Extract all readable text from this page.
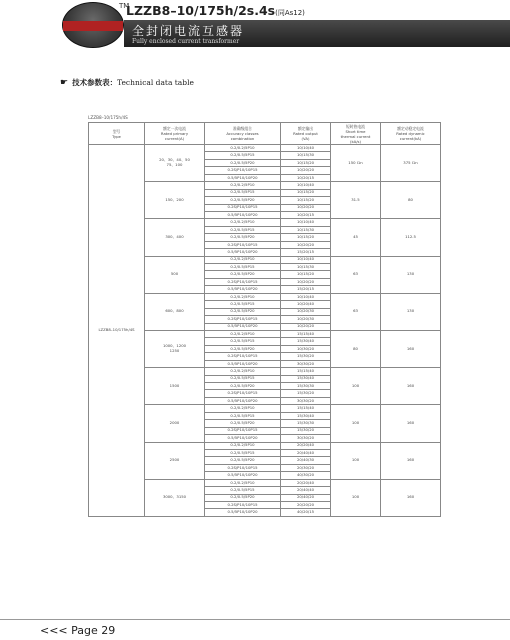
TM
LZZB8–10/175h/2s.4s(同As12)
全封闭电流互感器
Fully enclosed current transformer
☛ 技术参数表：Technical data table
LZZB8–10/175h/4S
型号
Type	额定一次电流
Rated primary
current(A)	准确级组合
Accuracy classes
combination	额定输出
Rated output
(VA)	短时热电流
Short time
thermal current
(kA/s)	额定动稳定电流
Rated dynamic
current(kA)
LZZB8–10/175h/4S	20、30、40、50
75、100	0.2/0.2/5P10	10/10/40	150 I1n	375 I1n
		0.2/0.5/5P15	10/15/30		
		0.2/0.5/5P20	10/15/20		
		0.2S/P10/10P15	10/20/20		
		0.5/5P10/10P20	10/20/15		
	150、200	0.2/0.2/5P10	10/10/40	31.5	80
		0.2/0.5/5P15	10/15/20		
		0.2/0.5/5P20	10/15/20		
		0.2S/P10/10P15	10/20/20		
		0.5/5P10/10P20	10/20/15		
	300、400	0.2/0.2/5P10	10/10/40	45	112.5
		0.2/0.5/5P15	10/15/30		
		0.2/0.5/5P20	10/15/20		
		0.2S/P10/10P15	10/20/20		
		0.5/5P10/10P20	15/20/15		
	500	0.2/0.2/5P10	10/10/40	63	130
		0.2/0.5/5P15	10/15/30		
		0.2/0.5/5P20	10/15/20		
		0.2S/P10/10P15	10/20/20		
		0.5/5P10/10P20	15/20/15		
	600、800	0.2/0.2/5P10	10/10/40	63	130
		0.2/0.5/5P15	10/20/40		
		0.2/0.5/5P20	10/20/30		
		0.2S/P10/10P15	10/20/30		
		0.5/5P10/10P20	10/20/20		
	1000、1200
1250	0.2/0.2/5P10	15/15/40	80	160
		0.2/0.5/5P15	15/30/40		
		0.2/0.5/5P20	10/30/20		
		0.2S/P10/10P15	15/30/20		
		0.5/5P10/10P20	30/30/20		
	1500	0.2/0.2/5P10	15/15/40	100	160
		0.2/0.5/5P15	15/30/40		
		0.2/0.5/5P20	15/30/30		
		0.2S/P10/10P15	15/30/20		
		0.5/5P10/10P20	30/30/20		
	2000	0.2/0.2/5P10	15/15/40	100	160
		0.2/0.5/5P15	15/30/40		
		0.2/0.5/5P20	15/30/30		
		0.2S/P10/10P15	15/30/20		
		0.5/5P10/10P20	30/30/20		
	2500	0.2/0.2/5P10	20/20/40	100	160
		0.2/0.5/5P15	20/40/40		
		0.2/0.5/5P20	20/40/30		
		0.2S/P10/10P15	20/30/20		
		0.5/5P10/10P20	40/30/20		
	3000、3150	0.2/0.2/5P10	20/20/40	100	160
		0.2/0.5/5P15	20/40/40		
		0.2/0.5/5P20	20/40/20		
		0.2S/P10/10P15	20/20/20		
		0.5/5P10/10P20	40/20/15		
<<< Page 29
